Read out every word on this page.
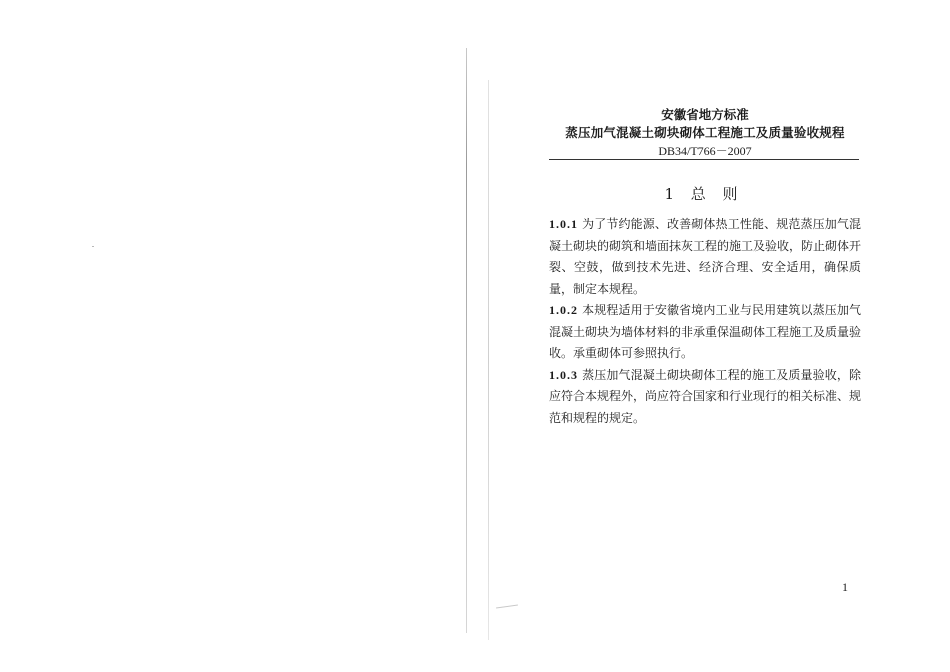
安徽省地方标准
蒸压加气混凝土砌块砌体工程施工及质量验收规程
DB34/T766－2007
1 总 则

1.0.1 为了节约能源、改善砌体热工性能、规范蒸压加气混凝土砌块的砌筑和墙面抹灰工程的施工及验收，防止砌体开裂、空鼓，做到技术先进、经济合理、安全适用，确保质量，制定本规程。

1.0.2 本规程适用于安徽省境内工业与民用建筑以蒸压加气混凝土砌块为墙体材料的非承重保温砌体工程施工及质量验收。承重砌体可参照执行。

1.0.3 蒸压加气混凝土砌块砌体工程的施工及质量验收，除应符合本规程外，尚应符合国家和行业现行的相关标准、规范和规程的规定。

1
